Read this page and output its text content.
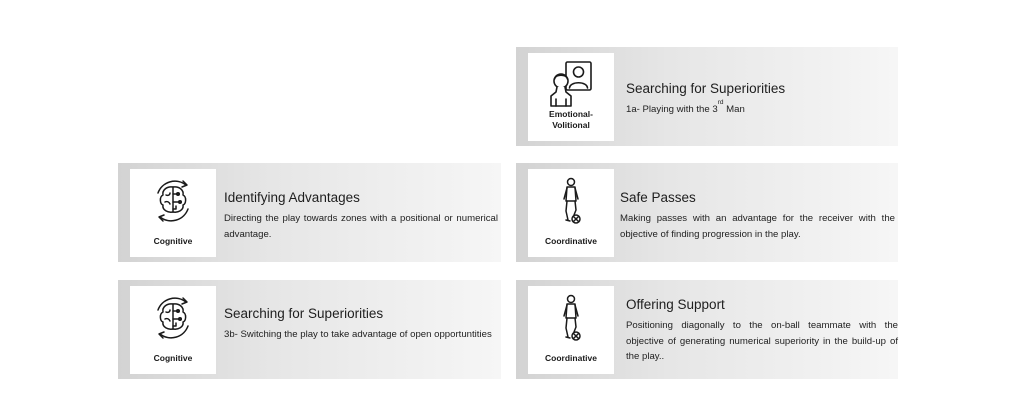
Emotional-
Volitional
Searching for Superiorities

1a- Playing with the 3rd Man

Cognitive
Identifying Advantages

Directing the play towards zones with a positional or numerical advantage.

Coordinative
Safe Passes

Making passes with an advantage for the receiver with the objective of finding progression in the play.

Cognitive
Searching for Superiorities

3b- Switching the play to take advantage of open opportuntities

Coordinative
Offering Support

Positioning diagonally to the on-ball teammate with the objective of generating numerical superiority in the build-up of the play..
